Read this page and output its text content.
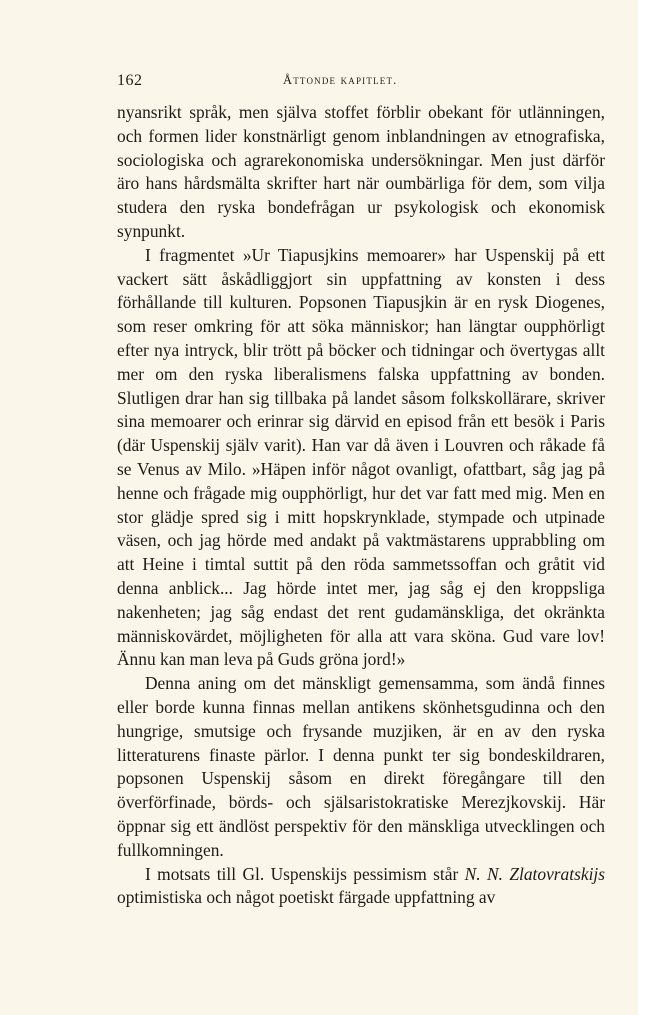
162	Åttonde kapitlet.

nyansrikt språk, men själva stoffet förblir obekant för utlänningen, och formen lider konstnärligt genom inblandningen av etnografiska, sociologiska och agrarekonomiska undersökningar. Men just därför äro hans hårdsmälta skrifter hart när oumbärliga för dem, som vilja studera den ryska bondefrågan ur psykologisk och ekonomisk synpunkt.

I fragmentet »Ur Tiapusjkins memoarer» har Uspenskij på ett vackert sätt åskådliggjort sin uppfattning av konsten i dess förhållande till kulturen. Popsonen Tiapusjkin är en rysk Diogenes, som reser omkring för att söka människor; han längtar oupphörligt efter nya intryck, blir trött på böcker och tidningar och övertygas allt mer om den ryska liberalismens falska uppfattning av bonden. Slutligen drar han sig tillbaka på landet såsom folkskollärare, skriver sina memoarer och erinrar sig därvid en episod från ett besök i Paris (där Uspenskij själv varit). Han var då även i Louvren och råkade få se Venus av Milo. »Häpen inför något ovanligt, ofattbart, såg jag på henne och frågade mig oupphörligt, hur det var fatt med mig. Men en stor glädje spred sig i mitt hopskrynklade, stympade och utpinade väsen, och jag hörde med andakt på vaktmästarens upprabbling om att Heine i timtal suttit på den röda sammetssoffan och gråtit vid denna anblick... Jag hörde intet mer, jag såg ej den kroppsliga nakenheten; jag såg endast det rent gudamänskliga, det okränkta människovärdet, möjligheten för alla att vara sköna. Gud vare lov! Ännu kan man leva på Guds gröna jord!»

Denna aning om det mänskligt gemensamma, som ändå finnes eller borde kunna finnas mellan antikens skönhetsgudinna och den hungrige, smutsige och frysande muzjiken, är en av den ryska litteraturens finaste pärlor. I denna punkt ter sig bondeskildraren, popsonen Uspenskij såsom en direkt föregångare till den överförfinade, börds- och själsaristokratiske Merezjkovskij. Här öppnar sig ett ändlöst perspektiv för den mänskliga utvecklingen och fullkomningen.

I motsats till Gl. Uspenskijs pessimism står N. N. Zlatovratskijs optimistiska och något poetiskt färgade uppfattning av
